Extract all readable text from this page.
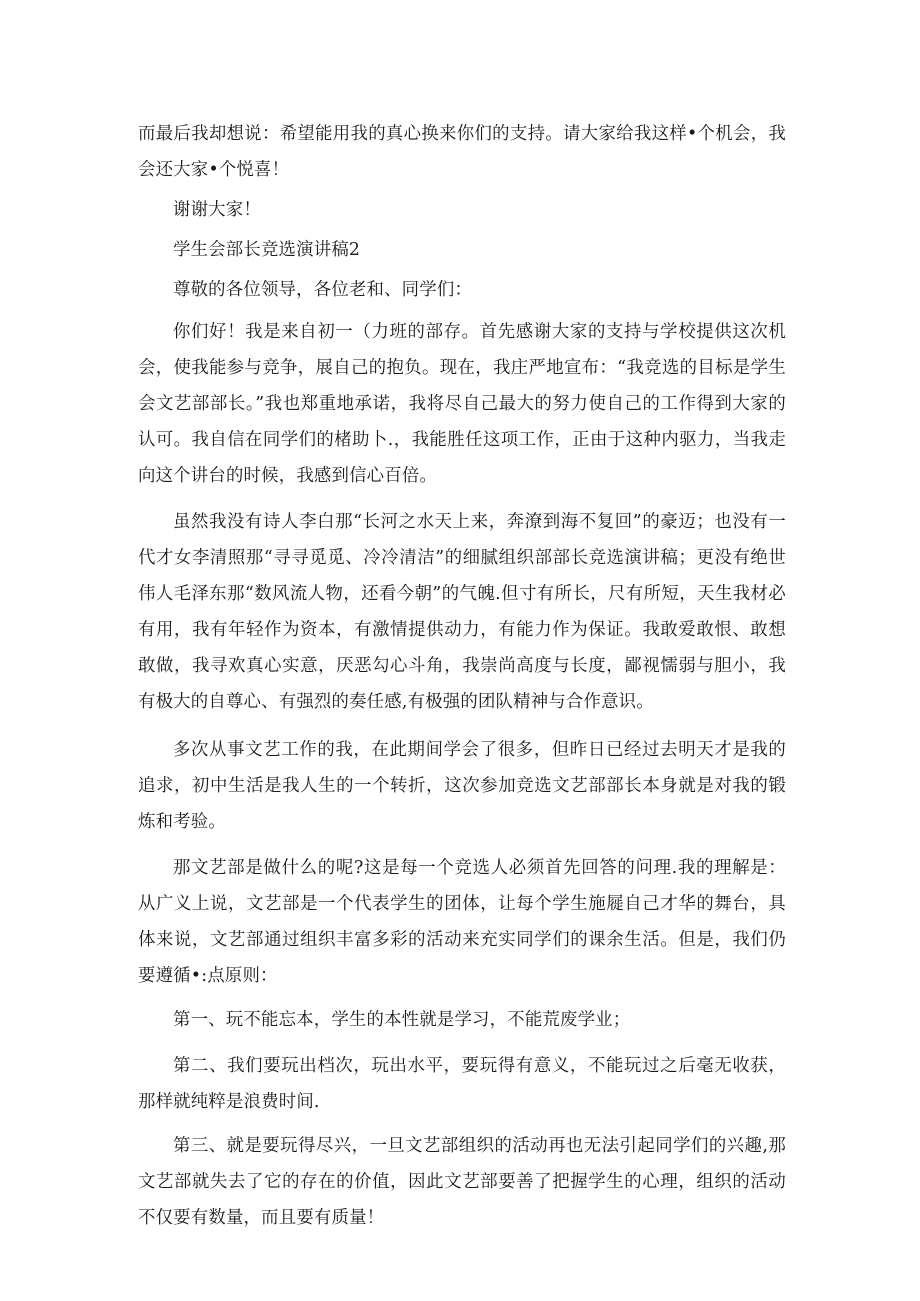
而最后我却想说：希望能用我的真心换来你们的支持。请大家给我这样•个机会，我会还大家•个悦喜！

谢谢大家！

学生会部长竞选演讲稿2

尊敬的各位领导，各位老和、同学们：

你们好！我是来自初一（力班的部存。首先感谢大家的支持与学校提供这次机会，使我能参与竞争，展自己的抱负。现在，我庄严地宣布：“我竞选的目标是学生会文艺部部长。”我也郑重地承诺，我将尽自己最大的努力使自己的工作得到大家的认可。我自信在同学们的楮助卜.，我能胜任这项工作，正由于这种内驱力，当我走向这个讲台的时候，我感到信心百倍。

虽然我没有诗人李白那“长河之水天上来，奔潦到海不复回”的豪迈；也没有一代才女李清照那“寻寻觅觅、冷冷清洁”的细腻组织部部长竞选演讲稿；更没有绝世伟人毛泽东那“数风流人物，还看今朝”的气魄.但寸有所长，尺有所短，天生我材必有用，我有年轻作为资本，有激情提供动力，有能力作为保证。我敢爱敢恨、敢想敢做，我寻欢真心实意，厌恶勾心斗角，我崇尚高度与长度，鄙视懦弱与胆小，我有极大的自尊心、有强烈的奏任感,有极强的团队精神与合作意识。

多次从事文艺工作的我，在此期间学会了很多，但昨日已经过去明天才是我的追求，初中生活是我人生的一个转折，这次参加竞选文艺部部长本身就是对我的锻炼和考验。

那文艺部是做什么的呢?这是每一个竞选人必须首先回答的问理.我的理解是：从广义上说，文艺部是一个代表学生的团体，让每个学生施屣自己才华的舞台，具体来说，文艺部通过组织丰富多彩的活动来充实同学们的课余生活。但是，我们仍要遵循•:点原则：

第一、玩不能忘本，学生的本性就是学习，不能荒废学业；

第二、我们要玩出档次，玩出水平，要玩得有意义，不能玩过之后毫无收获，那样就纯粹是浪费时间.

第三、就是要玩得尽兴，一旦文艺部组织的活动再也无法引起同学们的兴趣,那文艺部就失去了它的存在的价值，因此文艺部要善了把握学生的心理，组织的活动不仅要有数量，而且要有质量！
